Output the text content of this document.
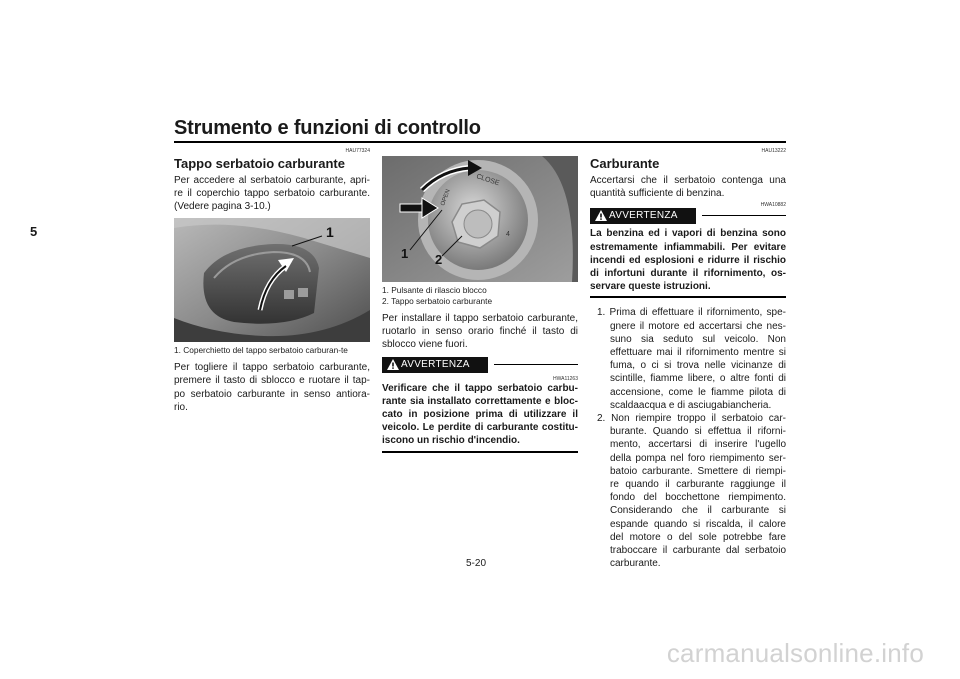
Strumento e funzioni di controllo
5
HAU77324
Tappo serbatoio carburante

Per accedere al serbatoio carburante, apri-re il coperchio tappo serbatoio carburante. (Vedere pagina 3-10.)

1
1. Coperchietto del tappo serbatoio carburan-te

Per togliere il tappo serbatoio carburante, premere il tasto di sblocco e ruotare il tap-po serbatoio carburante in senso antiora-rio.

CLOSE
OPEN
4
1 2
1. Pulsante di rilascio blocco
2. Tappo serbatoio carburante

Per installare il tappo serbatoio carburante, ruotarlo in senso orario finché il tasto di sblocco viene fuori.

AVVERTENZA
HWA11263

Verificare che il tappo serbatoio carbu-rante sia installato correttamente e bloc-cato in posizione prima di utilizzare il veicolo. Le perdite di carburante costitu-iscono un rischio d'incendio.

HAU13222
Carburante

Accertarsi che il serbatoio contenga una quantità sufficiente di benzina.

HWA10882
AVVERTENZA

La benzina ed i vapori di benzina sono estremamente infiammabili. Per evitare incendi ed esplosioni e ridurre il rischio di infortuni durante il rifornimento, os-servare queste istruzioni.

1. Prima di effettuare il rifornimento, spe-gnere il motore ed accertarsi che nes-suno sia seduto sul veicolo. Non effettuare mai il rifornimento mentre si fuma, o ci si trova nelle vicinanze di scintille, fiamme libere, o altre fonti di accensione, come le fiamme pilota di scaldaacqua e di asciugabiancheria.
2. Non riempire troppo il serbatoio car-burante. Quando si effettua il riforni-mento, accertarsi di inserire l'ugello della pompa nel foro riempimento ser-batoio carburante. Smettere di riempi-re quando il carburante raggiunge il fondo del bocchettone riempimento. Considerando che il carburante si espande quando si riscalda, il calore del motore o del sole potrebbe fare traboccare il carburante dal serbatoio carburante.
5-20
carmanualsonline.info
